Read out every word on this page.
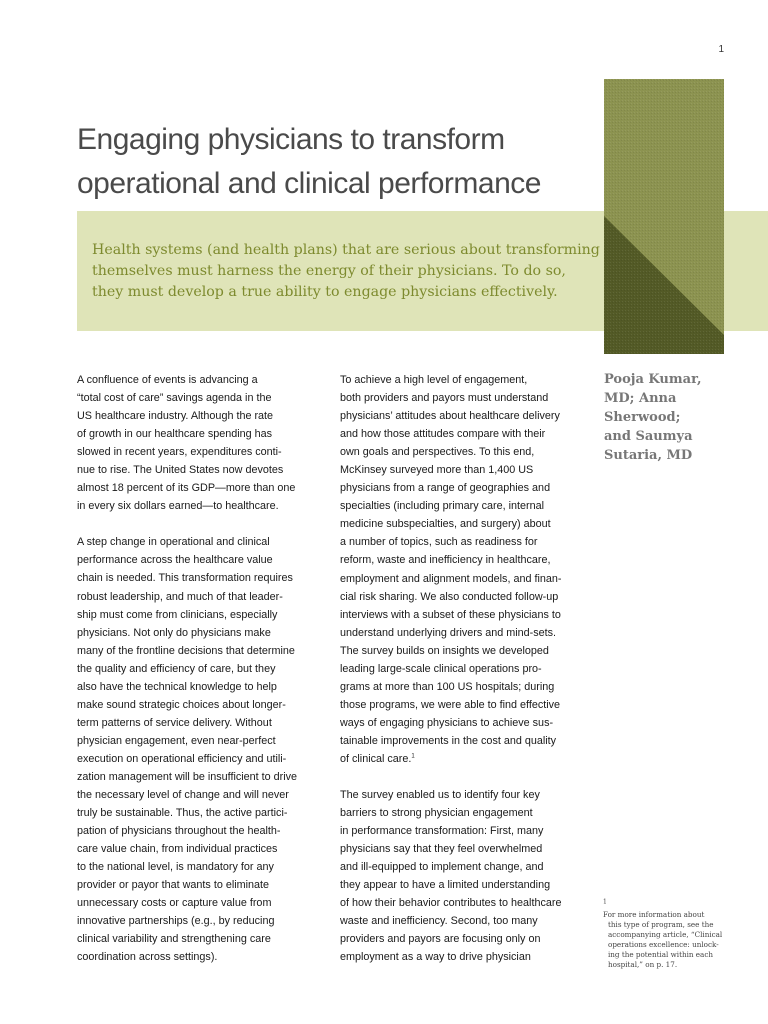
1
Engaging physicians to transform
operational and clinical performance

Health systems (and health plans) that are serious about transforming
themselves must harness the energy of their physicians. To do so,
they must develop a true ability to engage physicians effectively.

Pooja Kumar,
MD; Anna
Sherwood;
and Saumya
Sutaria, MD

A confluence of events is advancing a
“total cost of care” savings agenda in the
US healthcare industry. Although the rate
of growth in our healthcare spending has
slowed in recent years, expenditures conti-
nue to rise. The United States now devotes
almost 18 percent of its GDP—more than one
in every six dollars earned—to healthcare.

A step change in operational and clinical
performance across the healthcare value
chain is needed. This transformation requires
robust leadership, and much of that leader-
ship must come from clinicians, especially
physicians. Not only do physicians make
many of the frontline decisions that determine
the quality and efficiency of care, but they
also have the technical knowledge to help
make sound strategic choices about longer-
term patterns of service delivery. Without
physician engagement, even near-perfect
execution on operational efficiency and utili-
zation management will be insufficient to drive
the necessary level of change and will never
truly be sustainable. Thus, the active partici-
pation of physicians throughout the health-
care value chain, from individual practices
to the national level, is mandatory for any
provider or payor that wants to eliminate
unnecessary costs or capture value from
innovative partnerships (e.g., by reducing
clinical variability and strengthening care
coordination across settings).

To achieve a high level of engagement,
both providers and payors must understand
physicians’ attitudes about healthcare delivery
and how those attitudes compare with their
own goals and perspectives. To this end,
McKinsey surveyed more than 1,400 US
physicians from a range of geographies and
specialties (including primary care, internal
medicine subspecialties, and surgery) about
a number of topics, such as readiness for
reform, waste and inefficiency in healthcare,
employment and alignment models, and finan-
cial risk sharing. We also conducted follow-up
interviews with a subset of these physicians to
understand underlying drivers and mind-sets.
The survey builds on insights we developed
leading large-scale clinical operations pro-
grams at more than 100 US hospitals; during
those programs, we were able to find effective
ways of engaging physicians to achieve sus-
tainable improvements in the cost and quality
of clinical care.$^1$

The survey enabled us to identify four key
barriers to strong physician engagement
in performance transformation: First, many
physicians say that they feel overwhelmed
and ill-equipped to implement change, and
they appear to have a limited understanding
of how their behavior contributes to healthcare
waste and inefficiency. Second, too many
providers and payors are focusing only on
employment as a way to drive physician

$^1$
For more information about
this type of program, see the
accompanying article, “Clinical
operations excellence: unlock-
ing the potential within each
hospital,” on p. 17.
